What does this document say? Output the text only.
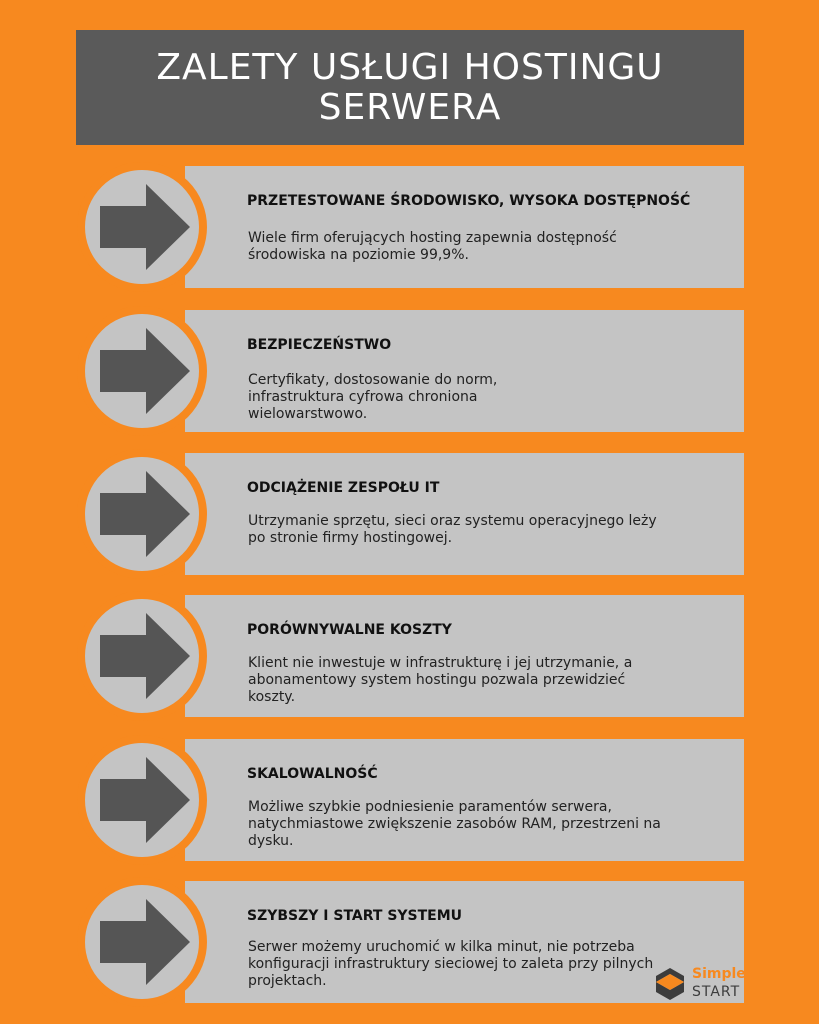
ZALETY USŁUGI HOSTINGU SERWERA
PRZETESTOWANE ŚRODOWISKO, WYSOKA DOSTĘPNOŚĆ

Wiele firm oferujących hosting zapewnia dostępność środowiska na poziomie 99,9%.

BEZPIECZEŃSTWO

Certyfikaty, dostosowanie do norm, infrastruktura cyfrowa chroniona wielowarstwowo.

ODCIĄŻENIE ZESPOŁU IT

Utrzymanie sprzętu, sieci oraz systemu operacyjnego leży po stronie firmy hostingowej.

PORÓWNYWALNE KOSZTY

Klient nie inwestuje w infrastrukturę i jej utrzymanie, a abonamentowy system hostingu pozwala przewidzieć koszty.

SKALOWALNOŚĆ

Możliwe szybkie podniesienie paramentów serwera, natychmiastowe zwiększenie zasobów RAM, przestrzeni na dysku.

SZYBSZY I START SYSTEMU

Serwer możemy uruchomić w kilka minut, nie potrzeba konfiguracji infrastruktury sieciowej to zaleta przy pilnych projektach.	Simple
START
